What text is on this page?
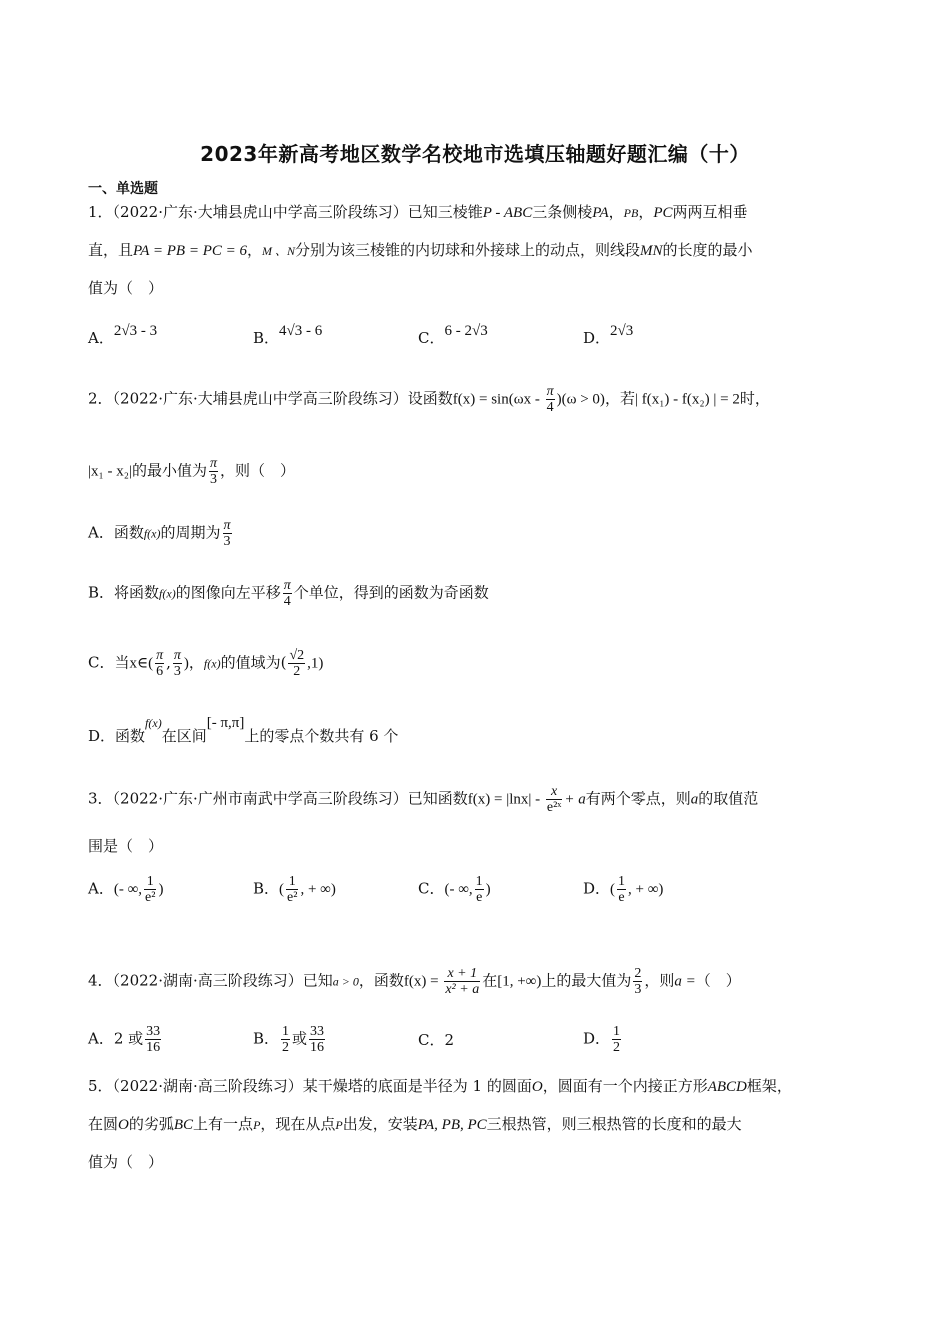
2023年新高考地区数学名校地市选填压轴题好题汇编（十）
一、单选题
1．（2022·广东·大埔县虎山中学高三阶段练习）已知三棱锥P - ABC三条侧棱PA，PB，PC两两互相垂
直，且PA = PB = PC = 6，M 、N分别为该三棱锥的内切球和外接球上的动点，则线段MN的长度的最小
值为（　）
A．2√3 - 3	B．4√3 - 6	C．6 - 2√3	D．2√3
2．（2022·广东·大埔县虎山中学高三阶段练习）设函数$f(x) = \sin(\omega x - \frac{\pi}{4} )(\omega > 0)$，若| f(x₁) - f(x₂) | = 2时，
|x₁ - x₂|的最小值为 $\frac{\pi}{3}$ ，则（　）
A．函数f(x)的周期为 $\frac{\pi}{3}$
B．将函数f(x)的图像向左平移 $\frac{\pi}{4}$ 个单位，得到的函数为奇函数
C．当x∈( $\frac{\pi}{6}$ , $\frac{\pi}{3}$ )，f(x)的值域为( $\frac{√2}{2} ,1$)
D．函数$^{f(x)}$在区间[- π,π]上的零点个数共有 6 个
3．（2022·广东·广州市南武中学高三阶段练习）已知函数$f(x) = |\ln x| - \frac{x}{\text{e²ˣ}} + a$有两个零点，则a的取值范
围是（　）
A．(- ∞, $\frac{1}{\text{e²}}$ )	B．( $\frac{1}{\text{e²}}$ , + ∞)	C．(- ∞, $\frac{1}{e}$ )	D．( $\frac{1}{e}$ , + ∞)
4．（2022·湖南·高三阶段练习）已知a > 0，函数$f(x) = \frac{x + 1}{\text{x² + a}}$ 在[1, +∞)上的最大值为 $\frac{2}{3}$ ，则a =（　）
A．2 或 $\frac{33}{16}$	B． $\frac{1}{2}$ 或 $\frac{33}{16}$	C．2	D． $\frac{1}{2}$
5．（2022·湖南·高三阶段练习）某干燥塔的底面是半径为 1 的圆面O，圆面有一个内接正方形ABCD框架，
在圆O的劣弧BC上有一点P，现在从点P出发，安装PA, PB, PC三根热管，则三根热管的长度和的最大
值为（　）
